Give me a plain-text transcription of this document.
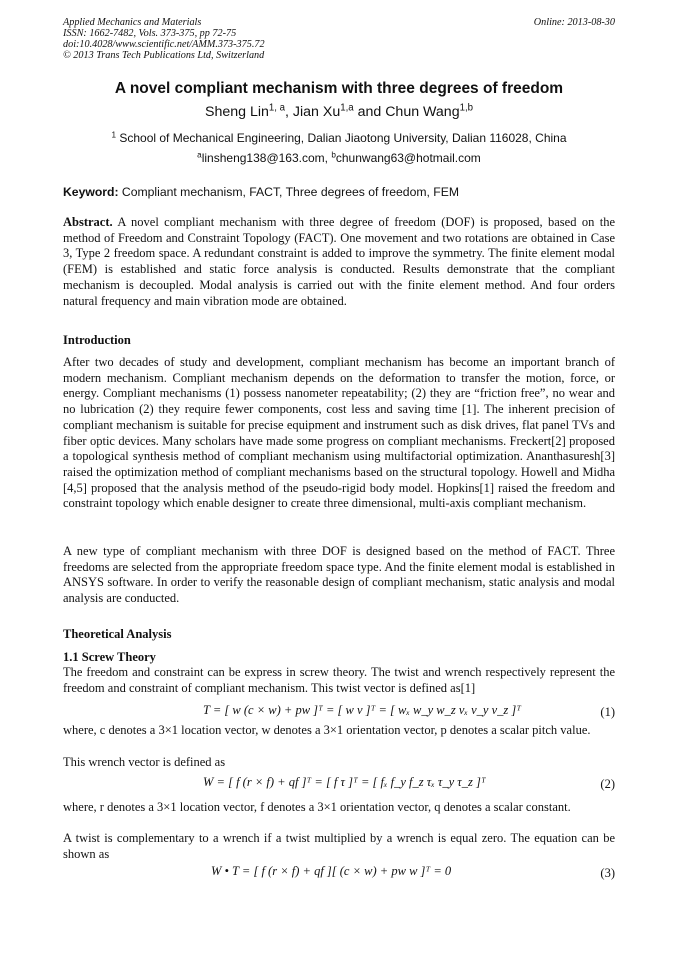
Applied Mechanics and Materials
ISSN: 1662-7482, Vols. 373-375, pp 72-75
doi:10.4028/www.scientific.net/AMM.373-375.72
© 2013 Trans Tech Publications Ltd, Switzerland
Online: 2013-08-30
A novel compliant mechanism with three degrees of freedom
Sheng Lin$^{1, a}$, Jian Xu$^{1,a}$ and Chun Wang$^{1,b}$
$^1$ School of Mechanical Engineering, Dalian Jiaotong University, Dalian 116028, China
$^a$linsheng138@163.com, $^b$chunwang63@hotmail.com
Keyword: Compliant mechanism, FACT, Three degrees of freedom, FEM
Abstract. A novel compliant mechanism with three degree of freedom (DOF) is proposed, based on the method of Freedom and Constraint Topology (FACT). One movement and two rotations are obtained in Case 3, Type 2 freedom space. A redundant constraint is added to improve the symmetry. The finite element modal (FEM) is established and static force analysis is conducted. Results demonstrate that the compliant mechanism is decoupled. Modal analysis is carried out with the finite element method. And four orders natural frequency and main vibration mode are obtained.
Introduction
After two decades of study and development, compliant mechanism has become an important branch of modern mechanism. Compliant mechanism depends on the deformation to transfer the motion, force, or energy. Compliant mechanisms (1) possess nanometer repeatability; (2) they are “friction free”, no wear and no lubrication (2) they require fewer components, cost less and saving time [1]. The inherent precision of compliant mechanism is suitable for precise equipment and instrument such as disk drives, flat panel TVs and fiber optic devices. Many scholars have made some progress on compliant mechanisms. Freckert[2] proposed a topological synthesis method of compliant mechanism using multifactorial optimization. Ananthasuresh[3] raised the optimization method of compliant mechanisms based on the structural topology. Howell and Midha [4,5] proposed that the analysis method of the pseudo-rigid body model. Hopkins[1] raised the freedom and constraint topology which enable designer to create three dimensional, multi-axis compliant mechanism.
A new type of compliant mechanism with three DOF is designed based on the method of FACT. Three freedoms are selected from the appropriate freedom space type. And the finite element modal is established in ANSYS software. In order to verify the reasonable design of compliant mechanism, static analysis and modal analysis are conducted.
Theoretical Analysis
1.1 Screw Theory
The freedom and constraint can be express in screw theory. The twist and wrench respectively represent the freedom and constraint of compliant mechanism. This twist vector is defined as[1]
T = [ w (c × w) + pw ]ᵀ = [ w v ]ᵀ = [ wₓ w_y w_z vₓ v_y v_z ]ᵀ	(1)
where, c denotes a 3×1 location vector, w denotes a 3×1 orientation vector, p denotes a scalar pitch value.
This wrench vector is defined as
W = [ f (r × f) + qf ]ᵀ = [ f τ ]ᵀ = [ fₓ f_y f_z τₓ τ_y τ_z ]ᵀ	(2)
where, r denotes a 3×1 location vector, f denotes a 3×1 orientation vector, q denotes a scalar constant.
A twist is complementary to a wrench if a twist multiplied by a wrench is equal zero. The equation can be shown as
W • T = [ f (r × f) + qf ][ (c × w) + pw w ]ᵀ = 0	(3)
